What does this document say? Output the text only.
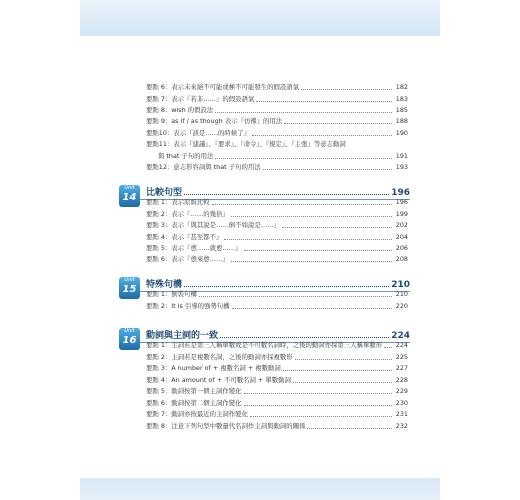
要點 6：表示未來絕不可能或極不可能發生的假設語氣	182
要點 7：表示『若非……』的假設語氣	183
要點 8：wish 的假設法	185
要點 9：as if / as though 表示『彷彿』的用法	188
要點10：表示『該是……的時候了』	190
要點11：表示『建議』、『要求』、『命令』、『規定』、『主張』等意志動詞
與 that 子句的用法	191
要點12：意志形容詞與 that 子句的用法	193
Unit
14	比較句型	196
要點 1：表示原級比較	196
要點 2：表示『……的幾倍』	199
要點 3：表示『與其說是……倒不如說是……』	202
要點 4：表示『甚至都不』	204
要點 5：表示『愈……就愈……』	206
要點 6：表示『愈來愈……』	208
Unit
15	特殊句構	210
要點 1：倒裝句構	210
要點 2：It is 引導的強勢句構	220
Unit
16	動詞與主詞的一致	224
要點 1：主詞若是第三人稱單數或是不可數名詞時，之後的動詞亦採第三人稱單數形 224
要點 2：主詞若是複數名詞，之後的動詞亦採複數形	225
要點 3：A number of + 複數名詞 + 複數動詞	227
要點 4：An amount of + 不可數名詞 + 單數動詞	228
要點 5：動詞按第一個主詞作變化	229
要點 6：動詞按第二個主詞作變化	230
要點 7：動詞亦按最近的主詞作變化	231
要點 8：注意下列句型中數量代名詞作主詞與動詞的關係	232
